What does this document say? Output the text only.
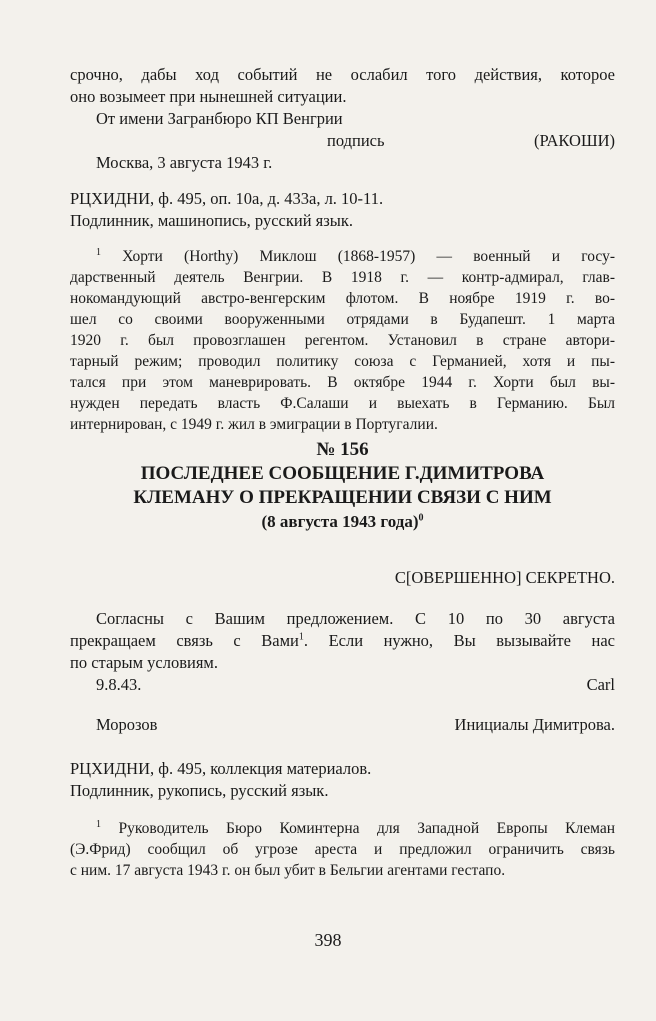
срочно, дабы ход событий не ослабил того действия, которое
оно возымеет при нынешней ситуации.
От имени Загранбюро КП Венгрии
подпись	(РАКОШИ)
Москва, 3 августа 1943 г.
РЦХИДНИ, ф. 495, оп. 10а, д. 433а, л. 10-11.
Подлинник, машинопись, русский язык.
$^1$ Хорти (Horthy) Миклош (1868-1957) — военный и госу-
дарственный деятель Венгрии. В 1918 г. — контр-адмирал, глав-
нокомандующий австро-венгерским флотом. В ноябре 1919 г. во-
шел со своими вооруженными отрядами в Будапешт. 1 марта
1920 г. был провозглашен регентом. Установил в стране автори-
тарный режим; проводил политику союза с Германией, хотя и пы-
тался при этом маневрировать. В октябре 1944 г. Хорти был вы-
нужден передать власть Ф.Салаши и выехать в Германию. Был
интернирован, с 1949 г. жил в эмиграции в Португалии.
№ 156
ПОСЛЕДНЕЕ СООБЩЕНИЕ Г.ДИМИТРОВА
КЛЕМАНУ О ПРЕКРАЩЕНИИ СВЯЗИ С НИМ
(8 августа 1943 года)$^0$
С[ОВЕРШЕННО] СЕКРЕТНО.
Согласны с Вашим предложением. С 10 по 30 августа
прекращаем связь с Вами$^1$. Если нужно, Вы вызывайте нас
по старым условиям.
9.8.43.	Carl
Морозов	Инициалы Димитрова.
РЦХИДНИ, ф. 495, коллекция материалов.
Подлинник, рукопись, русский язык.
$^1$ Руководитель Бюро Коминтерна для Западной Европы Клеман
(Э.Фрид) сообщил об угрозе ареста и предложил ограничить связь
с ним. 17 августа 1943 г. он был убит в Бельгии агентами гестапо.
398
